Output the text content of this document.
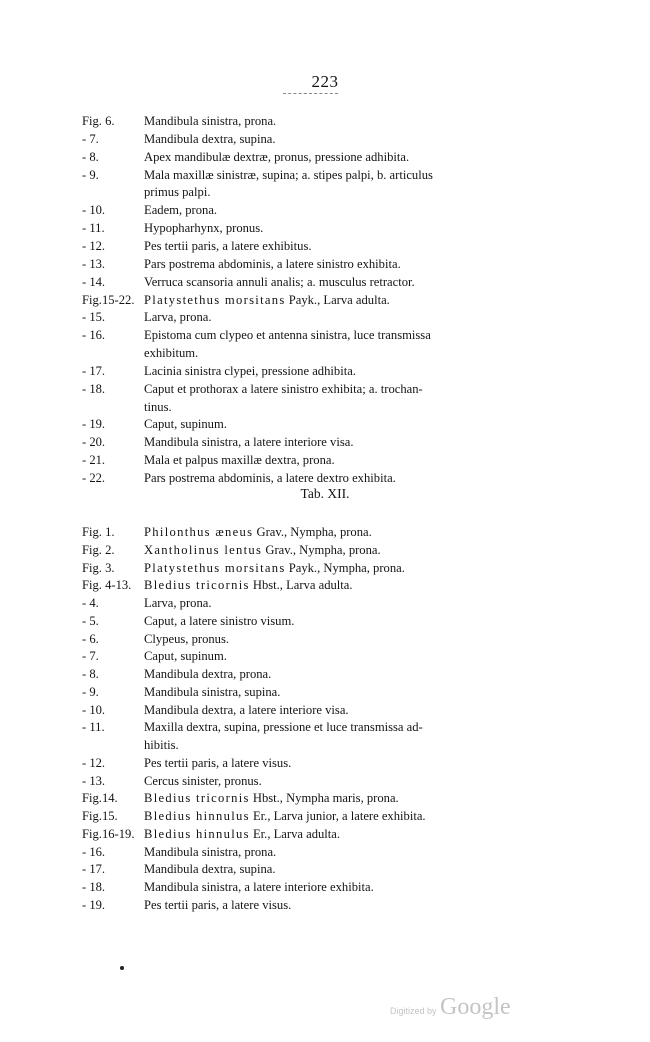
223
Fig. 6.	Mandibula sinistra, prona.
- 7.	Mandibula dextra, supina.
- 8.	Apex mandibulæ dextræ, pronus, pressione adhibita.
- 9.	Mala maxillæ sinistræ, supina; a. stipes palpi, b. articulus
primus palpi.
- 10.	Eadem, prona.
- 11.	Hypopharhynx, pronus.
- 12.	Pes tertii paris, a latere exhibitus.
- 13.	Pars postrema abdominis, a latere sinistro exhibita.
- 14.	Verruca scansoria annuli analis; a. musculus retractor.
Fig.15-22. Platystethus morsitans Payk., Larva adulta.
- 15.	Larva, prona.
- 16.	Epistoma cum clypeo et antenna sinistra, luce transmissa
exhibitum.
- 17.	Lacinia sinistra clypei, pressione adhibita.
- 18.	Caput et prothorax a latere sinistro exhibita; a. trochan-
tinus.
- 19.	Caput, supinum.
- 20.	Mandibula sinistra, a latere interiore visa.
- 21.	Mala et palpus maxillæ dextra, prona.
- 22.	Pars postrema abdominis, a latere dextro exhibita.
Tab. XII.
Fig. 1.	Philonthus æneus Grav., Nympha, prona.
Fig. 2.	Xantholinus lentus Grav., Nympha, prona.
Fig. 3.	Platystethus morsitans Payk., Nympha, prona.
Fig. 4-13.	Bledius tricornis Hbst., Larva adulta.
- 4.	Larva, prona.
- 5.	Caput, a latere sinistro visum.
- 6.	Clypeus, pronus.
- 7.	Caput, supinum.
- 8.	Mandibula dextra, prona.
- 9.	Mandibula sinistra, supina.
- 10.	Mandibula dextra, a latere interiore visa.
- 11.	Maxilla dextra, supina, pressione et luce transmissa ad-
hibitis.
- 12.	Pes tertii paris, a latere visus.
- 13.	Cercus sinister, pronus.
Fig.14.	Bledius tricornis Hbst., Nympha maris, prona.
Fig.15.	Bledius hinnulus Er., Larva junior, a latere exhibita.
Fig.16-19. Bledius hinnulus Er., Larva adulta.
- 16.	Mandibula sinistra, prona.
- 17.	Mandibula dextra, supina.
- 18.	Mandibula sinistra, a latere interiore exhibita.
- 19.	Pes tertii paris, a latere visus.
Digitized by Google
